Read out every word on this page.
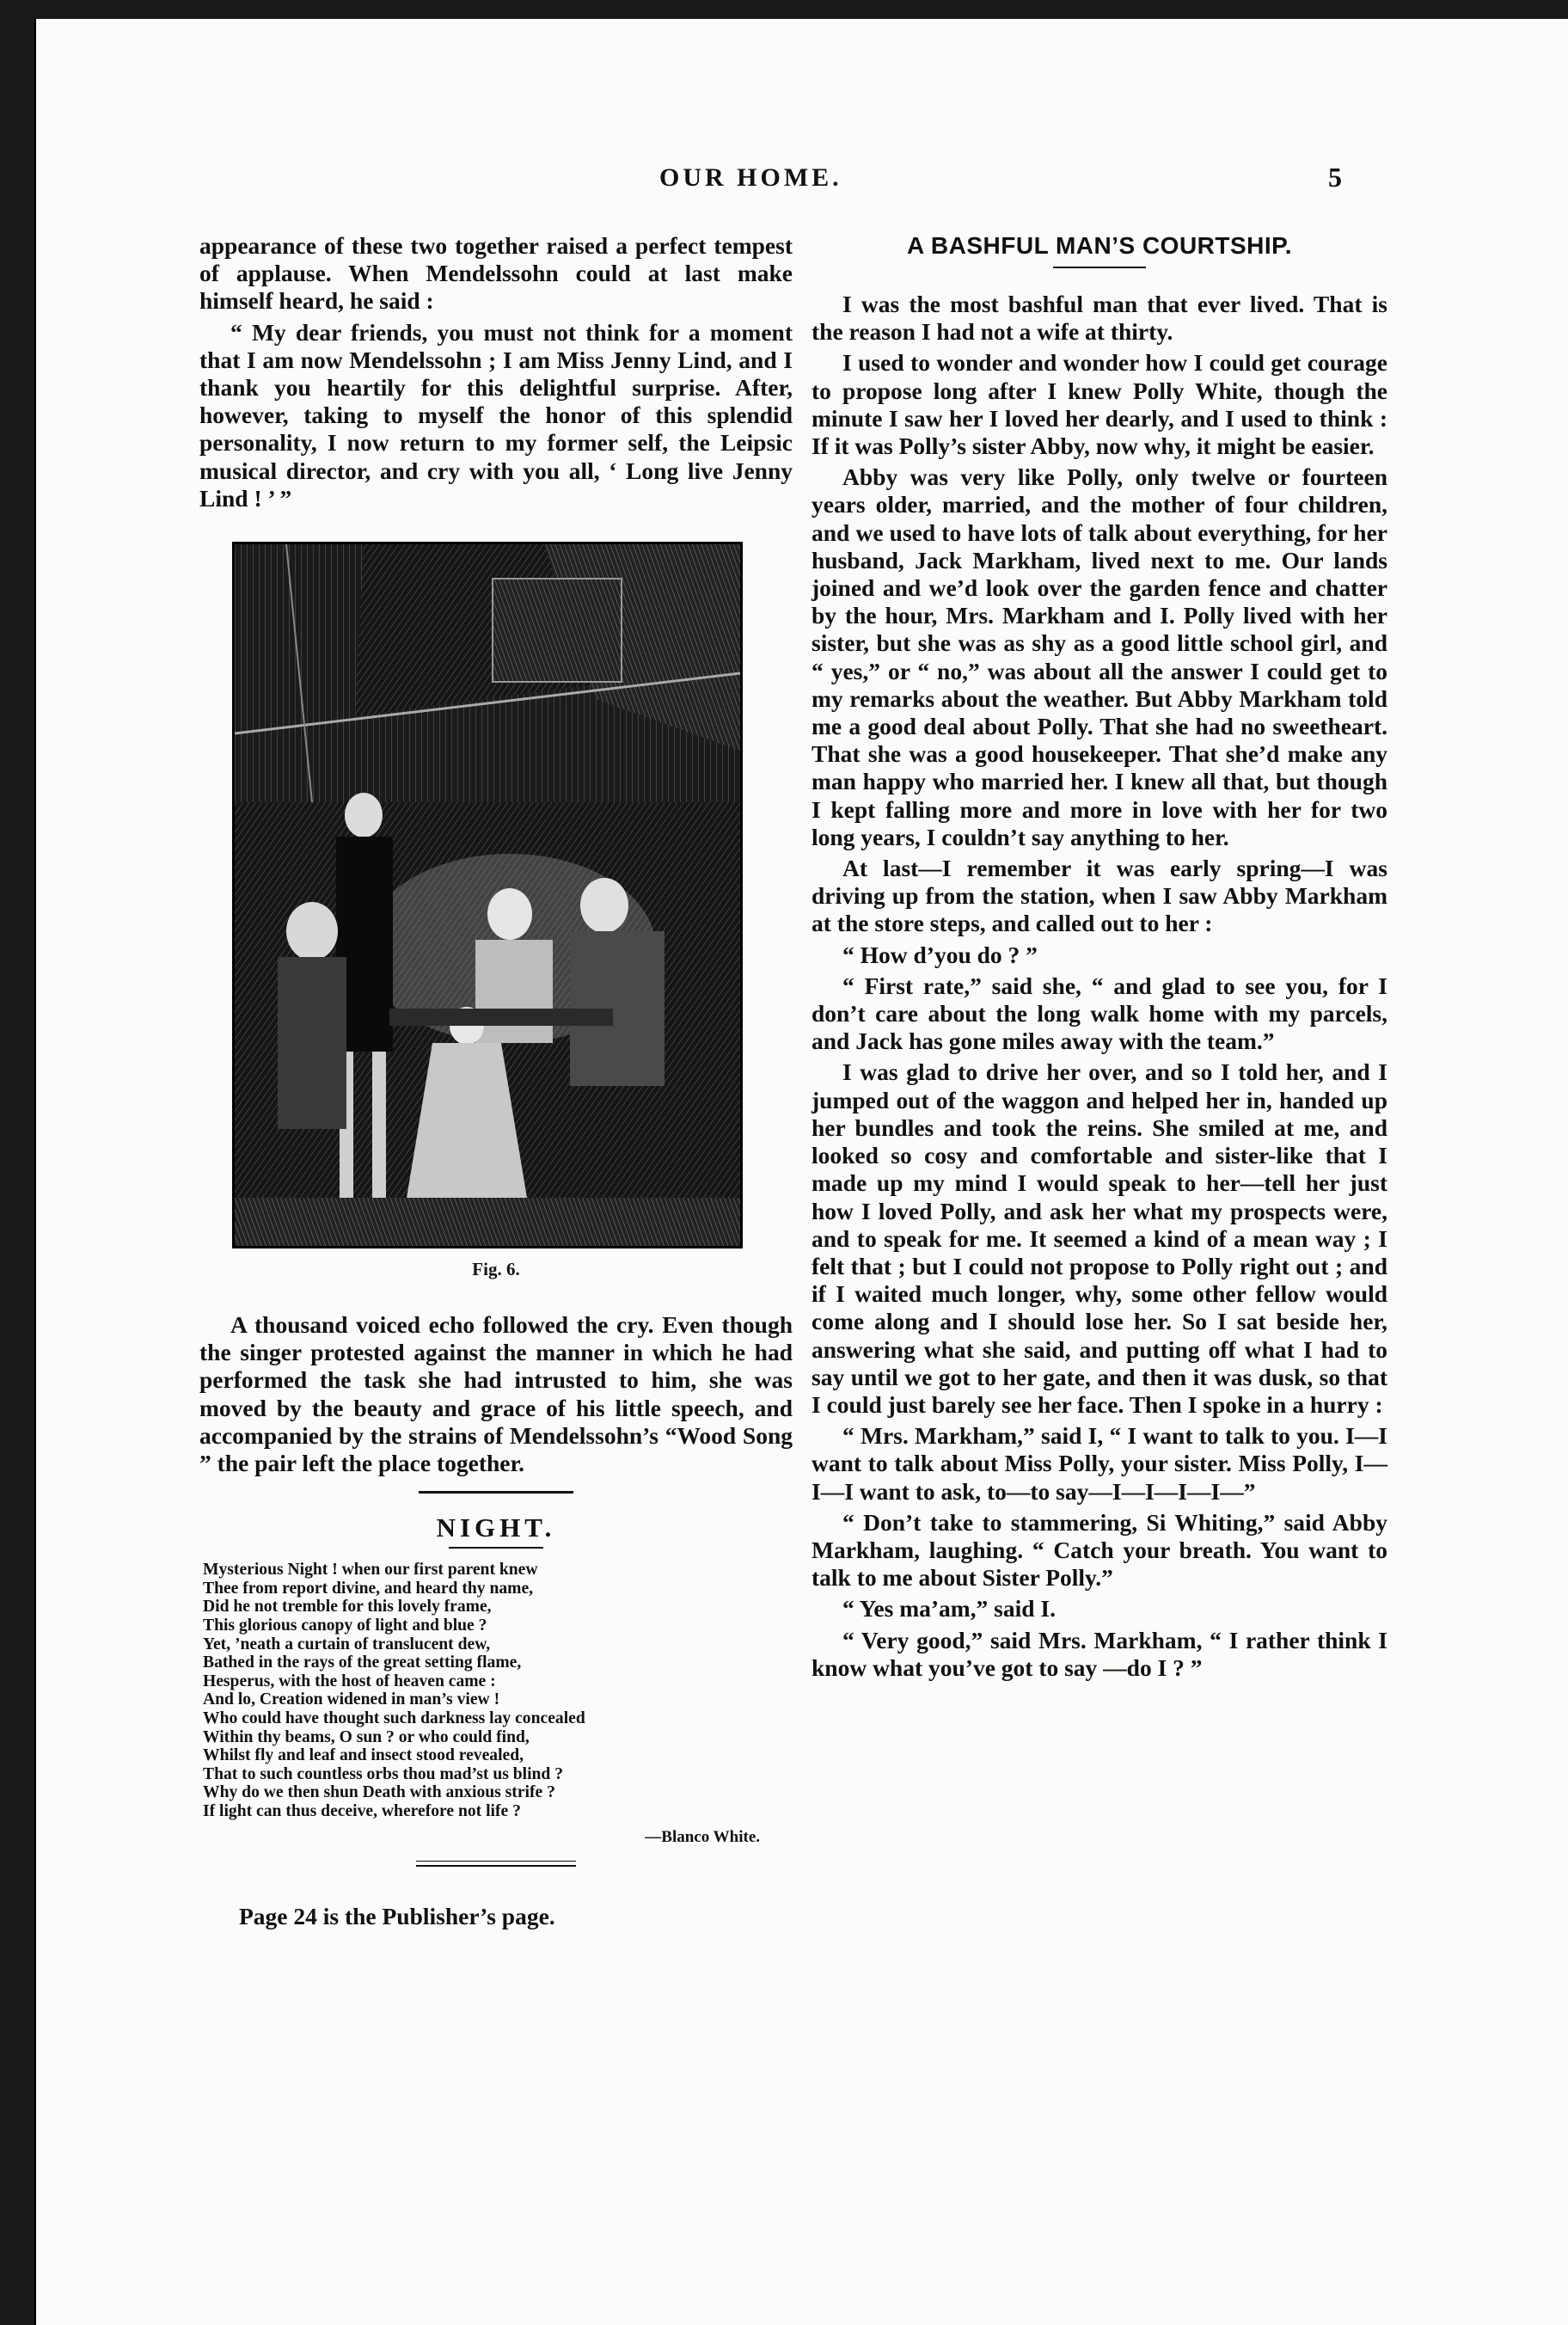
OUR HOME.	5

appearance of these two together raised a perfect tempest of applause. When Mendelssohn could at last make himself heard, he said :

“ My dear friends, you must not think for a moment that I am now Mendelssohn ; I am Miss Jenny Lind, and I thank you heartily for this delightful surprise. After, however, taking to myself the honor of this splendid personality, I now return to my former self, the Leipsic musical director, and cry with you all, ‘ Long live Jenny Lind ! ’ ”

Fig. 6.

A thousand voiced echo followed the cry. Even though the singer protested against the manner in which he had performed the task she had intrusted to him, she was moved by the beauty and grace of his little speech, and accompanied by the strains of Mendelssohn’s “Wood Song ” the pair left the place together.

NIGHT.

Mysterious Night ! when our first parent knew

Thee from report divine, and heard thy name,

Did he not tremble for this lovely frame,

This glorious canopy of light and blue ?

Yet, ’neath a curtain of translucent dew,

Bathed in the rays of the great setting flame,

Hesperus, with the host of heaven came :

And lo, Creation widened in man’s view !

Who could have thought such darkness lay concealed

Within thy beams, O sun ? or who could find,

Whilst fly and leaf and insect stood revealed,

That to such countless orbs thou mad’st us blind ?

Why do we then shun Death with anxious strife ?

If light can thus deceive, wherefore not life ?

—Blanco White.
Page 24 is the Publisher’s page.
A BASHFUL MAN’S COURTSHIP.

I was the most bashful man that ever lived. That is the reason I had not a wife at thirty.

I used to wonder and wonder how I could get courage to propose long after I knew Polly White, though the minute I saw her I loved her dearly, and I used to think : If it was Polly’s sister Abby, now why, it might be easier.

Abby was very like Polly, only twelve or fourteen years older, married, and the mother of four children, and we used to have lots of talk about everything, for her husband, Jack Markham, lived next to me. Our lands joined and we’d look over the garden fence and chatter by the hour, Mrs. Markham and I. Polly lived with her sister, but she was as shy as a good little school girl, and “ yes,” or “ no,” was about all the answer I could get to my remarks about the weather. But Abby Markham told me a good deal about Polly. That she had no sweetheart. That she was a good housekeeper. That she’d make any man happy who married her. I knew all that, but though I kept falling more and more in love with her for two long years, I couldn’t say anything to her.

At last—I remember it was early spring—I was driving up from the station, when I saw Abby Markham at the store steps, and called out to her :

“ How d’you do ? ”

“ First rate,” said she, “ and glad to see you, for I don’t care about the long walk home with my parcels, and Jack has gone miles away with the team.”

I was glad to drive her over, and so I told her, and I jumped out of the waggon and helped her in, handed up her bundles and took the reins. She smiled at me, and looked so cosy and comfortable and sister-like that I made up my mind I would speak to her—tell her just how I loved Polly, and ask her what my prospects were, and to speak for me. It seemed a kind of a mean way ; I felt that ; but I could not propose to Polly right out ; and if I waited much longer, why, some other fellow would come along and I should lose her. So I sat beside her, answering what she said, and putting off what I had to say until we got to her gate, and then it was dusk, so that I could just barely see her face. Then I spoke in a hurry :

“ Mrs. Markham,” said I, “ I want to talk to you. I—I want to talk about Miss Polly, your sister. Miss Polly, I—I—I want to ask, to—to say—I—I—I—I—”

“ Don’t take to stammering, Si Whiting,” said Abby Markham, laughing. “ Catch your breath. You want to talk to me about Sister Polly.”

“ Yes ma’am,” said I.

“ Very good,” said Mrs. Markham, “ I rather think I know what you’ve got to say —do I ? ”
